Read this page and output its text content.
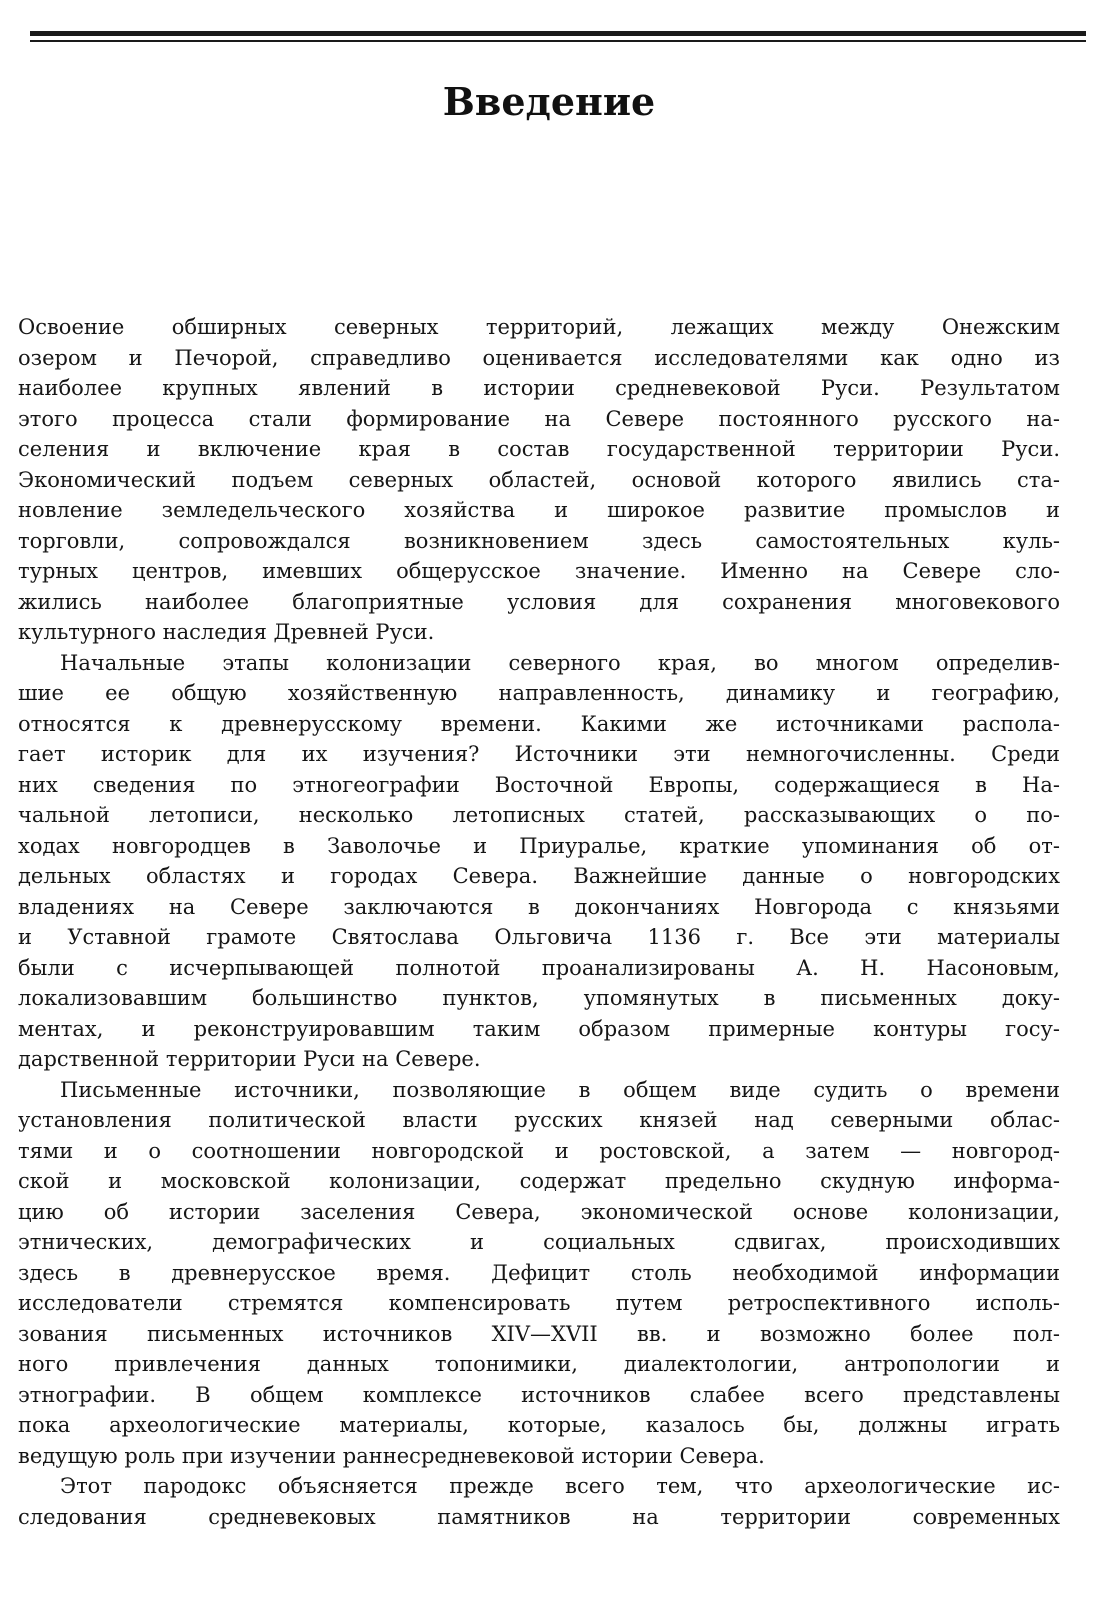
Введение

Освоение обширных северных территорий, лежащих между Онежским
озером и Печорой, справедливо оценивается исследователями как одно из
наиболее крупных явлений в истории средневековой Руси. Результатом
этого процесса стали формирование на Севере постоянного русского на-
селения и включение края в состав государственной территории Руси.
Экономический подъем северных областей, основой которого явились ста-
новление земледельческого хозяйства и широкое развитие промыслов и
торговли, сопровождался возникновением здесь самостоятельных куль-
турных центров, имевших общерусское значение. Именно на Севере сло-
жились наиболее благоприятные условия для сохранения многовекового
культурного наследия Древней Руси.

Начальные этапы колонизации северного края, во многом определив-
шие ее общую хозяйственную направленность, динамику и географию,
относятся к древнерусскому времени. Какими же источниками распола-
гает историк для их изучения? Источники эти немногочисленны. Среди
них сведения по этногеографии Восточной Европы, содержащиеся в На-
чальной летописи, несколько летописных статей, рассказывающих о по-
ходах новгородцев в Заволочье и Приуралье, краткие упоминания об от-
дельных областях и городах Севера. Важнейшие данные о новгородских
владениях на Севере заключаются в докончаниях Новгорода с князьями
и Уставной грамоте Святослава Ольговича 1136 г. Все эти материалы
были с исчерпывающей полнотой проанализированы А. Н. Насоновым,
локализовавшим большинство пунктов, упомянутых в письменных доку-
ментах, и реконструировавшим таким образом примерные контуры госу-
дарственной территории Руси на Севере.

Письменные источники, позволяющие в общем виде судить о времени
установления политической власти русских князей над северными облас-
тями и о соотношении новгородской и ростовской, а затем — новгород-
ской и московской колонизации, содержат предельно скудную информа-
цию об истории заселения Севера, экономической основе колонизации,
этнических, демографических и социальных сдвигах, происходивших
здесь в древнерусское время. Дефицит столь необходимой информации
исследователи стремятся компенсировать путем ретроспективного исполь-
зования письменных источников XIV—XVII вв. и возможно более пол-
ного привлечения данных топонимики, диалектологии, антропологии и
этнографии. В общем комплексе источников слабее всего представлены
пока археологические материалы, которые, казалось бы, должны играть
ведущую роль при изучении раннесредневековой истории Севера.

Этот пародокс объясняется прежде всего тем, что археологические ис-
следования средневековых памятников на территории современных
